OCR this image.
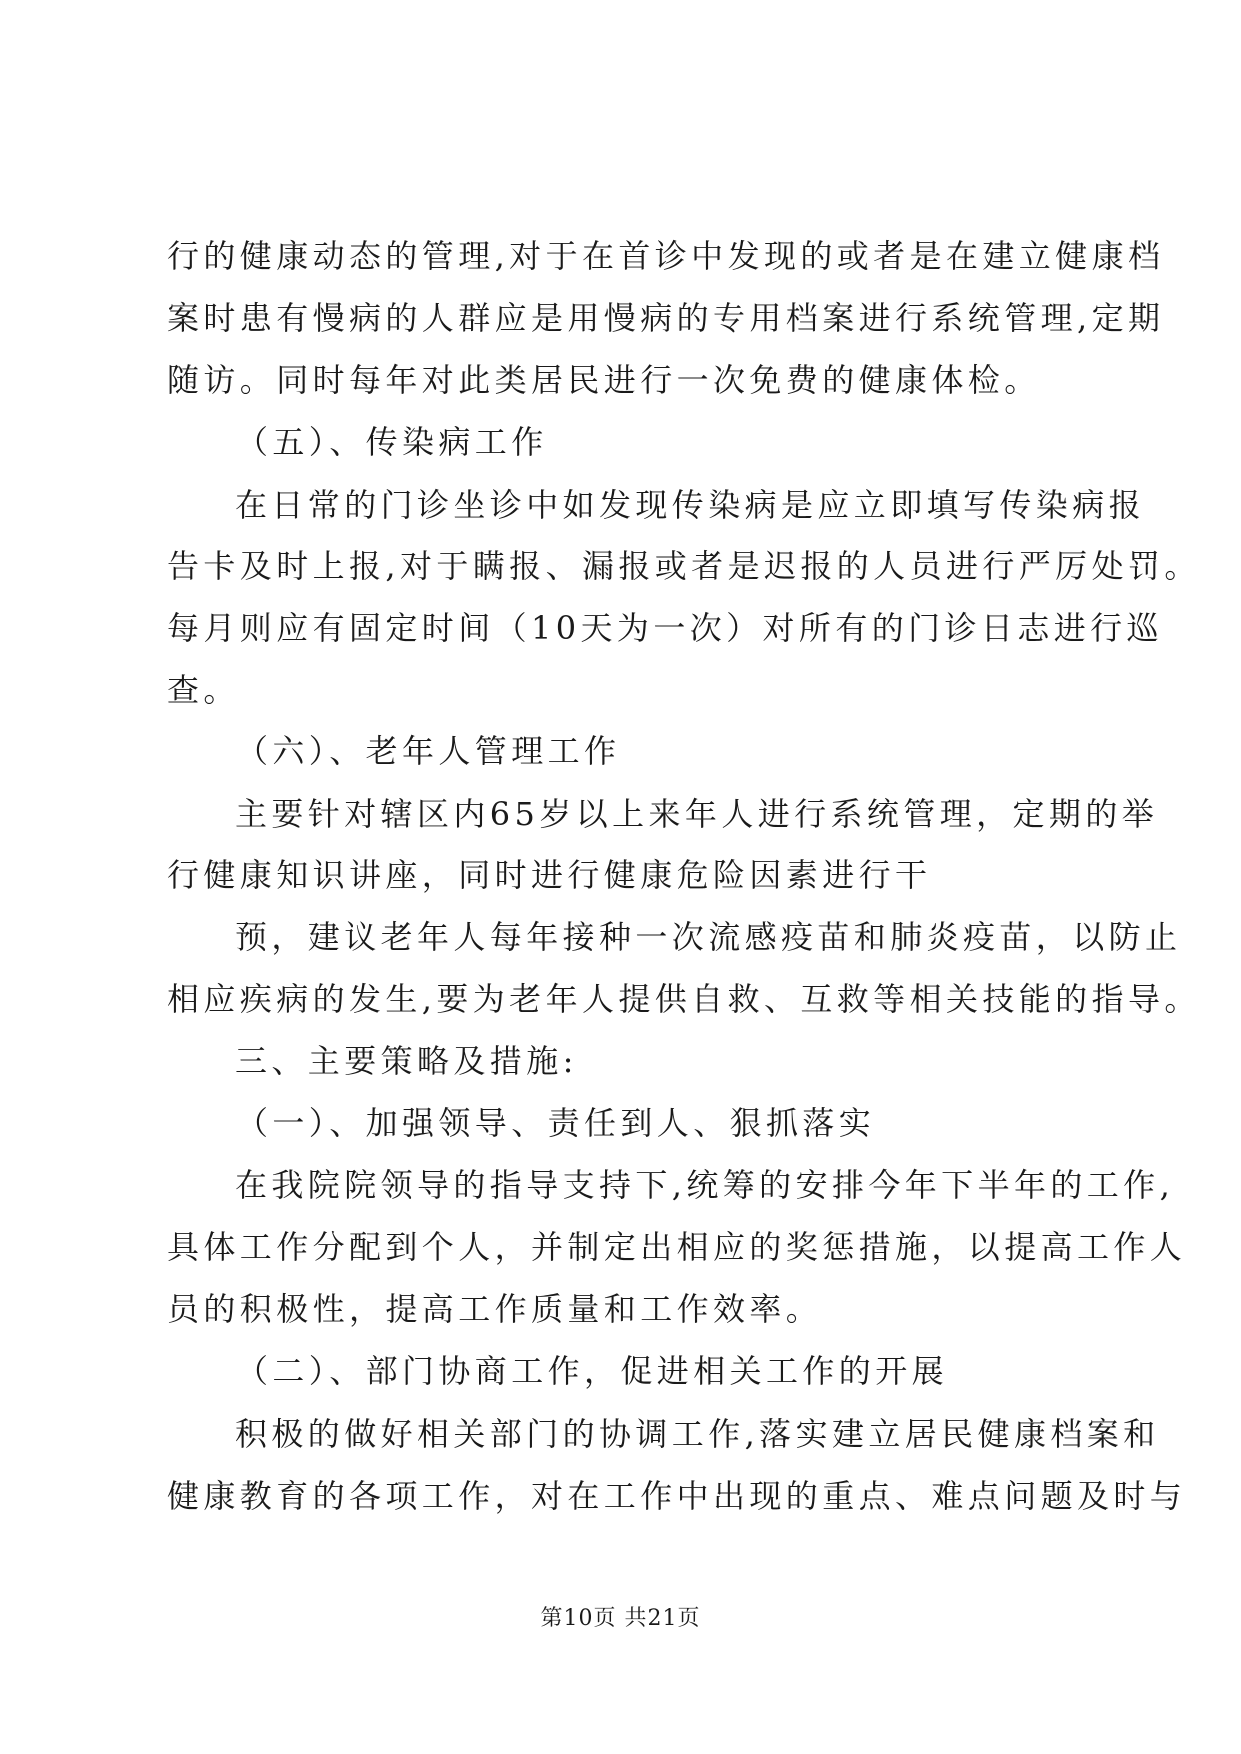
行的健康动态的管理,对于在首诊中发现的或者是在建立健康档
案时患有慢病的人群应是用慢病的专用档案进行系统管理,定期
随访。同时每年对此类居民进行一次免费的健康体检。
（五）、传染病工作
在日常的门诊坐诊中如发现传染病是应立即填写传染病报
告卡及时上报,对于瞒报、漏报或者是迟报的人员进行严厉处罚。
每月则应有固定时间（10天为一次）对所有的门诊日志进行巡
查。
（六）、老年人管理工作
主要针对辖区内65岁以上来年人进行系统管理，定期的举
行健康知识讲座，同时进行健康危险因素进行干
预，建议老年人每年接种一次流感疫苗和肺炎疫苗，以防止
相应疾病的发生,要为老年人提供自救、互救等相关技能的指导。
三、主要策略及措施:
（一）、加强领导、责任到人、狠抓落实
在我院院领导的指导支持下,统筹的安排今年下半年的工作,
具体工作分配到个人，并制定出相应的奖惩措施，以提高工作人
员的积极性，提高工作质量和工作效率。
（二）、部门协商工作，促进相关工作的开展
积极的做好相关部门的协调工作,落实建立居民健康档案和
健康教育的各项工作，对在工作中出现的重点、难点问题及时与
第10页 共21页
